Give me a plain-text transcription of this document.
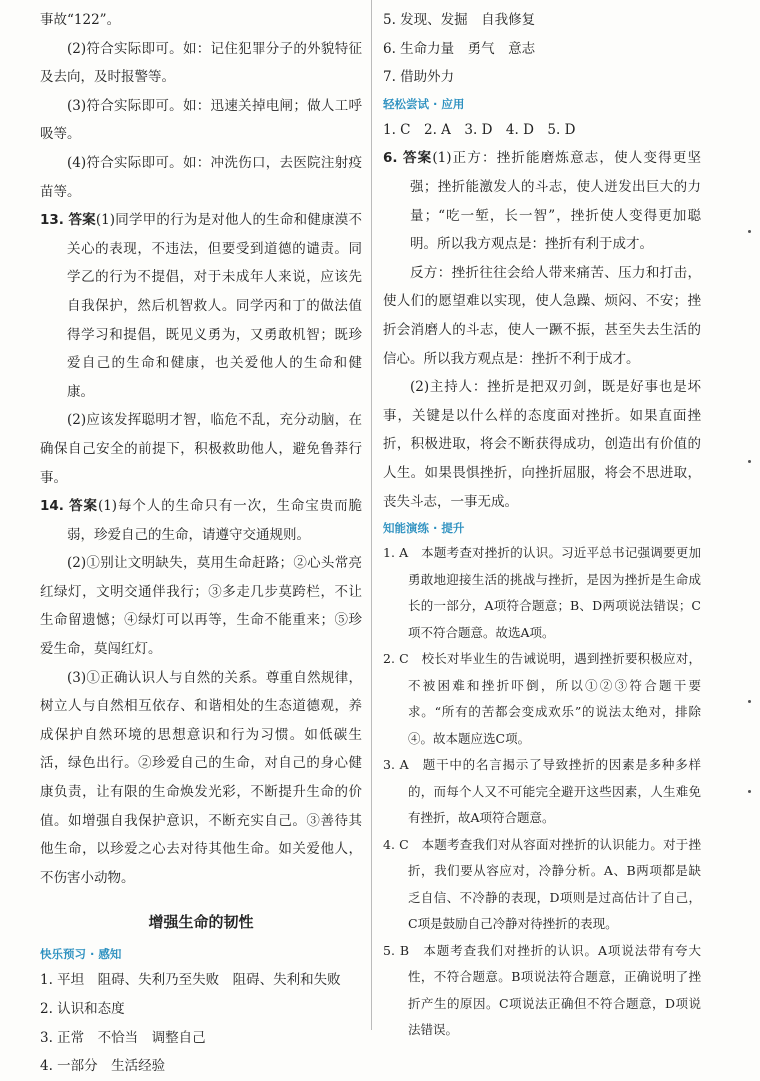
事故“122”。

(2)符合实际即可。如：记住犯罪分子的外貌特征及去向，及时报警等。

(3)符合实际即可。如：迅速关掉电闸；做人工呼吸等。

(4)符合实际即可。如：冲洗伤口，去医院注射疫苗等。

13. 答案(1)同学甲的行为是对他人的生命和健康漠不关心的表现，不违法，但要受到道德的谴责。同学乙的行为不提倡，对于未成年人来说，应该先自我保护，然后机智救人。同学丙和丁的做法值得学习和提倡，既见义勇为，又勇敢机智；既珍爱自己的生命和健康，也关爱他人的生命和健康。

(2)应该发挥聪明才智，临危不乱，充分动脑，在确保自己安全的前提下，积极救助他人，避免鲁莽行事。

14. 答案(1)每个人的生命只有一次，生命宝贵而脆弱，珍爱自己的生命，请遵守交通规则。

(2)①别让文明缺失，莫用生命赶路；②心头常亮红绿灯，文明交通伴我行；③多走几步莫跨栏，不让生命留遗憾；④绿灯可以再等，生命不能重来；⑤珍爱生命，莫闯红灯。

(3)①正确认识人与自然的关系。尊重自然规律，树立人与自然相互依存、和谐相处的生态道德观，养成保护自然环境的思想意识和行为习惯。如低碳生活，绿色出行。②珍爱自己的生命，对自己的身心健康负责，让有限的生命焕发光彩，不断提升生命的价值。如增强自我保护意识，不断充实自己。③善待其他生命，以珍爱之心去对待其他生命。如关爱他人，不伤害小动物。

增强生命的韧性
快乐预习 · 感知

1. 平坦　阻碍、失利乃至失败　阻碍、失利和失败

2. 认识和态度

3. 正常　不恰当　调整自己

4. 一部分　生活经验

5. 发现、发掘　自我修复

6. 生命力量　勇气　意志

7. 借助外力

轻松尝试 · 应用

1. C　2. A　3. D　4. D　5. D

6. 答案(1)正方：挫折能磨炼意志，使人变得更坚强；挫折能激发人的斗志，使人迸发出巨大的力量；“吃一堑，长一智”，挫折使人变得更加聪明。所以我方观点是：挫折有利于成才。

反方：挫折往往会给人带来痛苦、压力和打击，使人们的愿望难以实现，使人急躁、烦闷、不安；挫折会消磨人的斗志，使人一蹶不振，甚至失去生活的信心。所以我方观点是：挫折不利于成才。

(2)主持人：挫折是把双刃剑，既是好事也是坏事，关键是以什么样的态度面对挫折。如果直面挫折，积极进取，将会不断获得成功，创造出有价值的人生。如果畏惧挫折，向挫折屈服，将会不思进取，丧失斗志，一事无成。

知能演练 · 提升

1. A　本题考查对挫折的认识。习近平总书记强调要更加勇敢地迎接生活的挑战与挫折，是因为挫折是生命成长的一部分，A项符合题意；B、D两项说法错误；C项不符合题意。故选A项。

2. C　校长对毕业生的告诫说明，遇到挫折要积极应对，不被困难和挫折吓倒，所以①②③符合题干要求。“所有的苦都会变成欢乐”的说法太绝对，排除④。故本题应选C项。

3. A　题干中的名言揭示了导致挫折的因素是多种多样的，而每个人又不可能完全避开这些因素，人生难免有挫折，故A项符合题意。

4. C　本题考查我们对从容面对挫折的认识能力。对于挫折，我们要从容应对，冷静分析。A、B两项都是缺乏自信、不冷静的表现，D项则是过高估计了自己，C项是鼓励自己冷静对待挫折的表现。

5. B　本题考查我们对挫折的认识。A项说法带有夸大性，不符合题意。B项说法符合题意，正确说明了挫折产生的原因。C项说法正确但不符合题意，D项说法错误。
